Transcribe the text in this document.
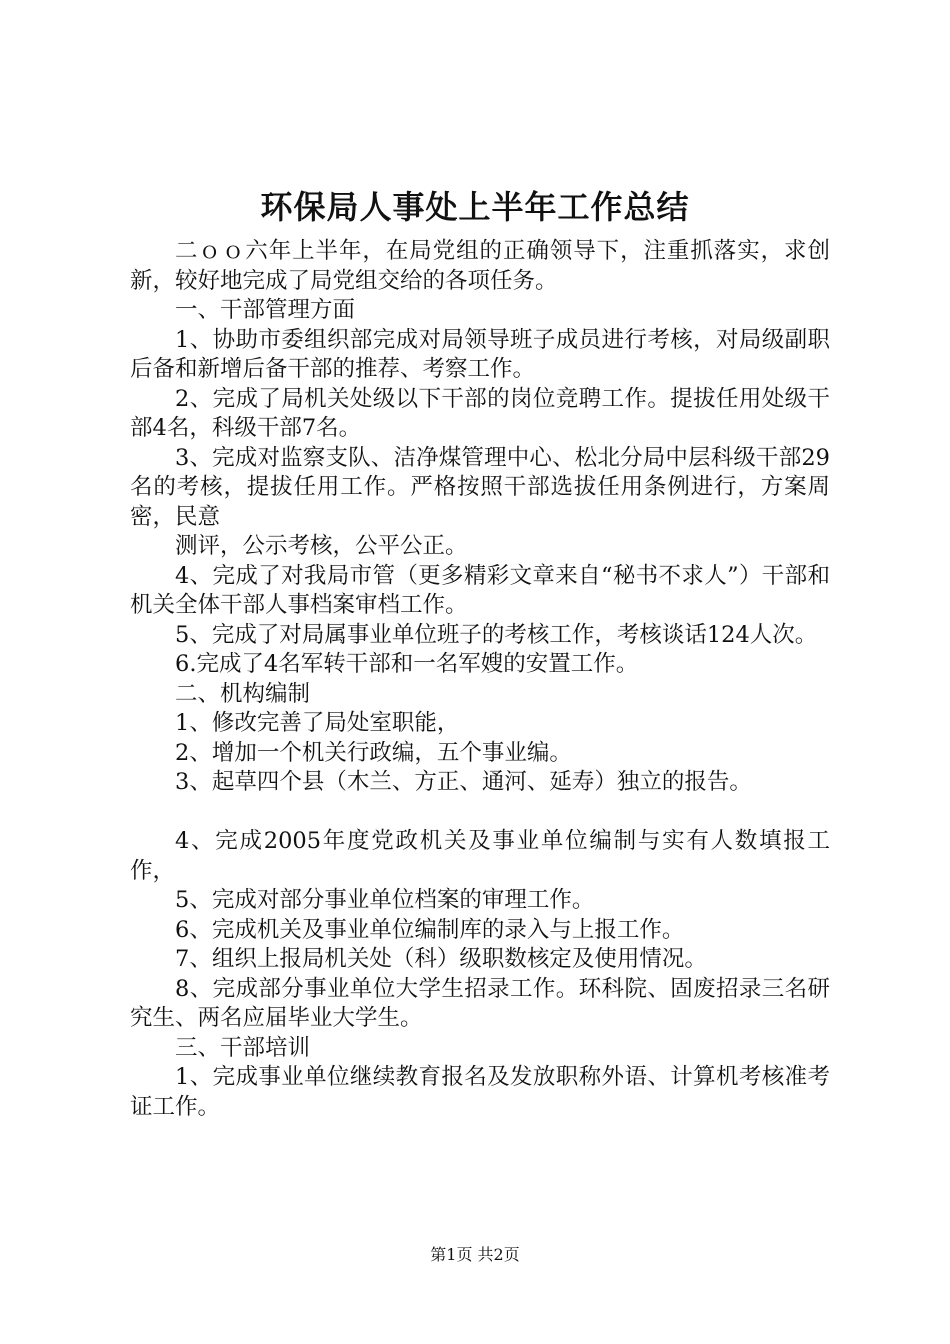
环保局人事处上半年工作总结

二ｏｏ六年上半年，在局党组的正确领导下，注重抓落实，求创新，较好地完成了局党组交给的各项任务。

一、干部管理方面

1、协助市委组织部完成对局领导班子成员进行考核，对局级副职后备和新增后备干部的推荐、考察工作。

2、完成了局机关处级以下干部的岗位竞聘工作。提拔任用处级干部4名，科级干部7名。

3、完成对监察支队、洁净煤管理中心、松北分局中层科级干部29名的考核，提拔任用工作。严格按照干部选拔任用条例进行，方案周密，民意

测评，公示考核，公平公正。

4、完成了对我局市管（更多精彩文章来自“秘书不求人”）干部和机关全体干部人事档案审档工作。

5、完成了对局属事业单位班子的考核工作，考核谈话124人次。

6.完成了4名军转干部和一名军嫂的安置工作。

二、机构编制

1、修改完善了局处室职能，

2、增加一个机关行政编，五个事业编。

3、起草四个县（木兰、方正、通河、延寿）独立的报告。

4、完成2005年度党政机关及事业单位编制与实有人数填报工作，

5、完成对部分事业单位档案的审理工作。

6、完成机关及事业单位编制库的录入与上报工作。

7、组织上报局机关处（科）级职数核定及使用情况。

8、完成部分事业单位大学生招录工作。环科院、固废招录三名研究生、两名应届毕业大学生。

三、干部培训

1、完成事业单位继续教育报名及发放职称外语、计算机考核准考证工作。

第1页 共2页
